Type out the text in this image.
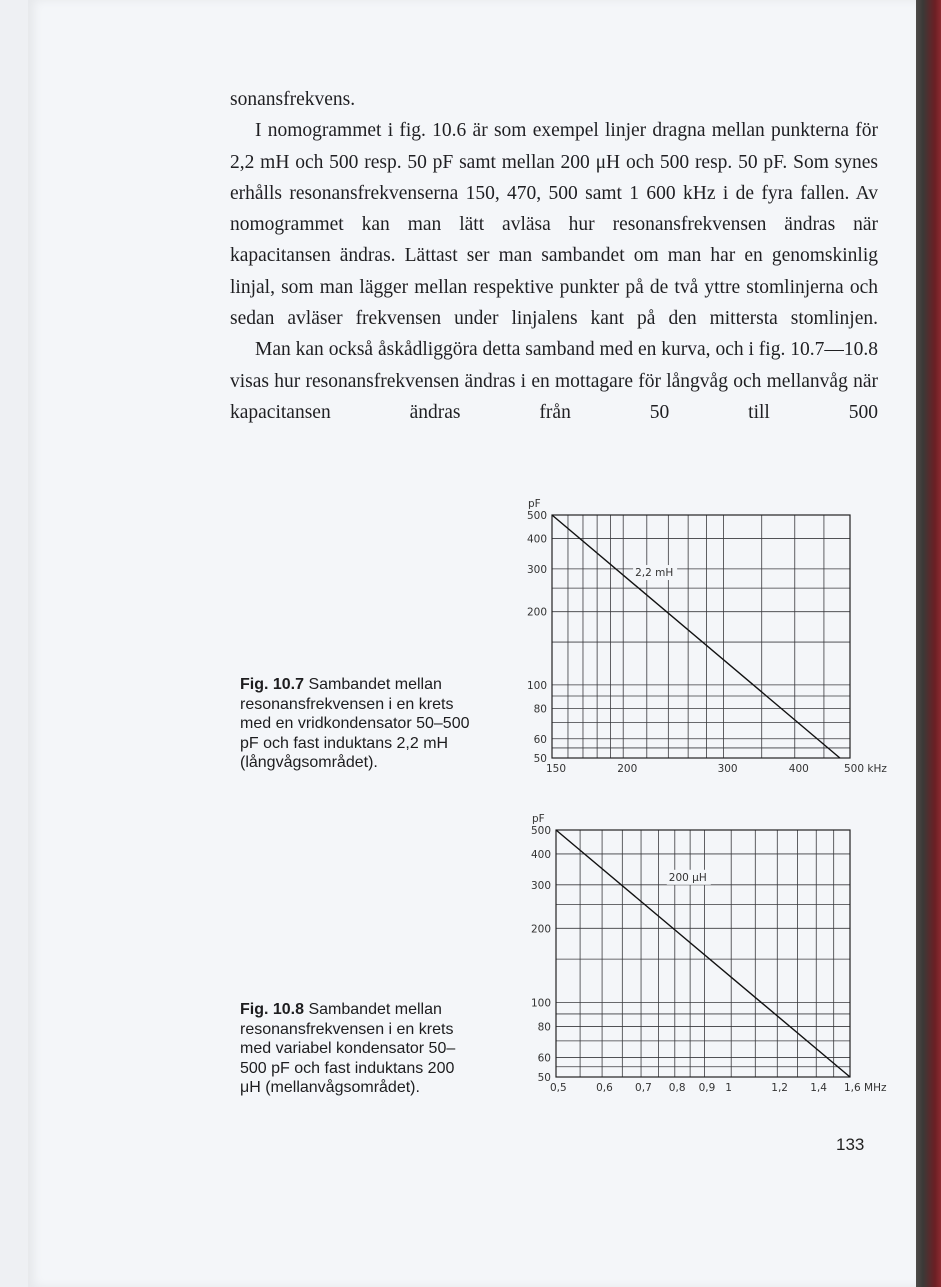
sonansfrekvens.

I nomogrammet i fig. 10.6 är som exempel linjer dragna mellan punkterna för 2,2 mH och 500 resp. 50 pF samt mellan 200 μH och 500 resp. 50 pF. Som synes erhålls resonansfrekvenserna 150, 470, 500 samt 1 600 kHz i de fyra fallen. Av nomogrammet kan man lätt avläsa hur resonansfrekvensen ändras när kapacitansen ändras. Lättast ser man sambandet om man har en genomskinlig linjal, som man lägger mellan respektive punkter på de två yttre stomlinjerna och sedan avläser frekvensen under linjalens kant på den mittersta stomlinjen.

Man kan också åskådliggöra detta samband med en kurva, och i fig. 10.7—10.8 visas hur resonansfrekvensen ändras i en mottagare för långvåg och mellanvåg när kapacitansen ändras från 50 till 500

50
60
80
100
200
300
400
500
pF
150	200	300	400	500 kHz
2,2 mH
Fig. 10.7 Sambandet mellan resonansfrekvensen i en krets med en vridkondensator 50–500 pF och fast induktans 2,2 mH (långvågsområdet).
50
60
80
100
200
300
400
500
pF
0,5	0,6 0,7 0,8 0,9 1	1,2 1,4 1,6 MHz
200 μH
Fig. 10.8 Sambandet mellan resonansfrekvensen i en krets med variabel kondensator 50–500 pF och fast induktans 200 μH (mellanvågsområdet).
133
